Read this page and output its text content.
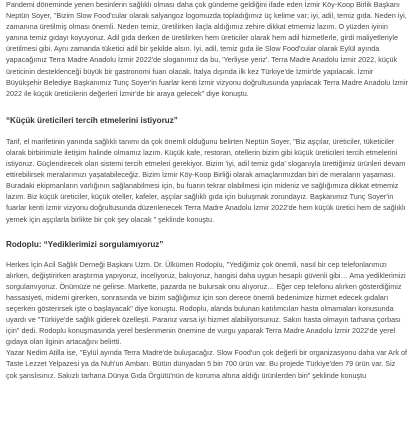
Pandemi döneminde yenen besinlerin sağlıklı olması daha çok gündeme geldiğini ifade eden İzmir Köy-Koop Birlik Başkanı Neptün Soyer, "Bizim Slow Food'cular olarak salyangoz logomuzda topladığımız üç kelime var; iyi, adil, temiz gıda. Neden iyi, zamanına üretilmiş olması önemli. Neden temiz, üretilirken ilaçla aldığımız zehire dikkat etmemiz lazım. O yüzden iyinin yanına temiz gıdayı koyuyoruz. Adil gıda derken de üretilirken hem üreticiler olarak hem adil hizmetlerle, girdi maliyetleriyle üretilmesi gibi. Aynı zamanda tüketici adil bir şekilde alsın. İyi, adil, temiz gıda ile Slow Food'cular olarak Eylül ayında yapacağımız Terra Madre Anadolu İzmir 2022'de sloganımız da bu, 'Yerliyse yeriz'. Terra Madre Anadolu İzmir 2022, küçük üreticinin desteklenceği büyük bir gastronomi fuarı olacak. İtalya dışında ilk kez Türkiye'de İzmir'de yapılacak. İzmir Büyükşehir Belediye Başkanımız Tunç Soyer'in fuarlar kenti İzmir vizyonu doğrultusunda yapılacak Terra Madre Anadolu İzmir 2022 ile küçük üreticilerin değerleri İzmir'de bir araya gelecek" diye konuştu.

“Küçük üreticileri tercih etmelerini istiyoruz”

Tarif, el marifetinin yanında sağlıklı tanımı da çok önemli olduğunu belirten Neptün Soyer, "Biz aşçılar, üreticiler, tüketiciler olarak birbirimizle iletişim halinde olmamız lazım. Küçük kafe, restoran, otellerin bizim gibi küçük üreticileri tercih etmelerini istiyoruz. Güçlendirecek olan sistemi tercih etmeleri gerekiyor. Bizim 'iyi, adil temiz gıda' sloganıyla ürettiğimiz ürünleri devam ettirebilirsek meralarımızı yaşatabileceğiz. Bizim İzmir Köy-Koop Birliği olarak amaçlarımızdan biri de meraların yaşaması. Buradaki ekipmanların varlığının sağlanabilmesi için, bu fuarın tekrar olabilmesi için mideniz ve sağlığımıza dikkat etmemiz lazım. Biz küçük üreticiler, küçük oteller, kafeler, aşçılar sağlıklı gıda için buluşmak zorundayız. Başkanımız Tunç Soyer'in fuarlar kenti İzmir vizyonu doğrultusunda düzenlenecek Terra Madre Anadolu İzmir 2022'de hem küçük üretici hem de sağlıklı yemek için aşçılarla birlikte bir çok şey olacak " şeklinde konuştu.

Rodoplu: “Yediklerimizi sorgulamıyoruz”

Herkes İçin Acil Sağlık Derneği Başkanı Uzm. Dr. Ülkümen Rodoplu, "Yediğimiz çok önemli, nasıl bir cep telefonlarımızı alırken, değiştirirken araştırma yapıyoruz, inceliyoruz, bakıyoruz, hangisi daha uygun hesaplı güvenli gibi… Ama yediklerimizi sorgulamıyoruz. Önümüze ne gelirse. Markette, pazarda ne bulursak onu alıyoruz… Eğer cep telefonu alırken gösterdiğimiz hassasiyeti, midemi girerken, sonrasında ve bizim sağlığımız için son derece önemli bedenimize hizmet edecek gıdaları seçerken gösterirsek işte o başlayacak" diye konuştu. Rodoplu, alanda bulunan katılımcıları hasta olmamaları konusunda uyardı ve "Türkiye'de sağlık giderek özelleşti. Paranız varsa iyi hizmet alabiliyorsunuz. Sakın hasta olmayın tarhana çorbası için" dedi. Rodoplu konuşmasında yerel beslenmenin önemine de vurgu yaparak Terra Madre Anadolu İzmir 2022'de yerel gıdaya olan ilginin artacağını belirtti.

Yazar Nedim Atilla ise, "Eylül ayında Terra Madre'de buluşacağız. Slow Food'un çok değerli bir organizasyonu daha var Ark of Taste Lezzet Yelpazesi ya da Nuh'un Ambarı. Bütün dünyadan 5 bin 700 ürün var. Bu projede Türkiye'den 79 ürün var. Siz çok şanslısınız. Sakızlı tarhana Dünya Gıda Örgütü'nün de koruma altına aldığı ürünlerden biri" şeklinde konuştu
